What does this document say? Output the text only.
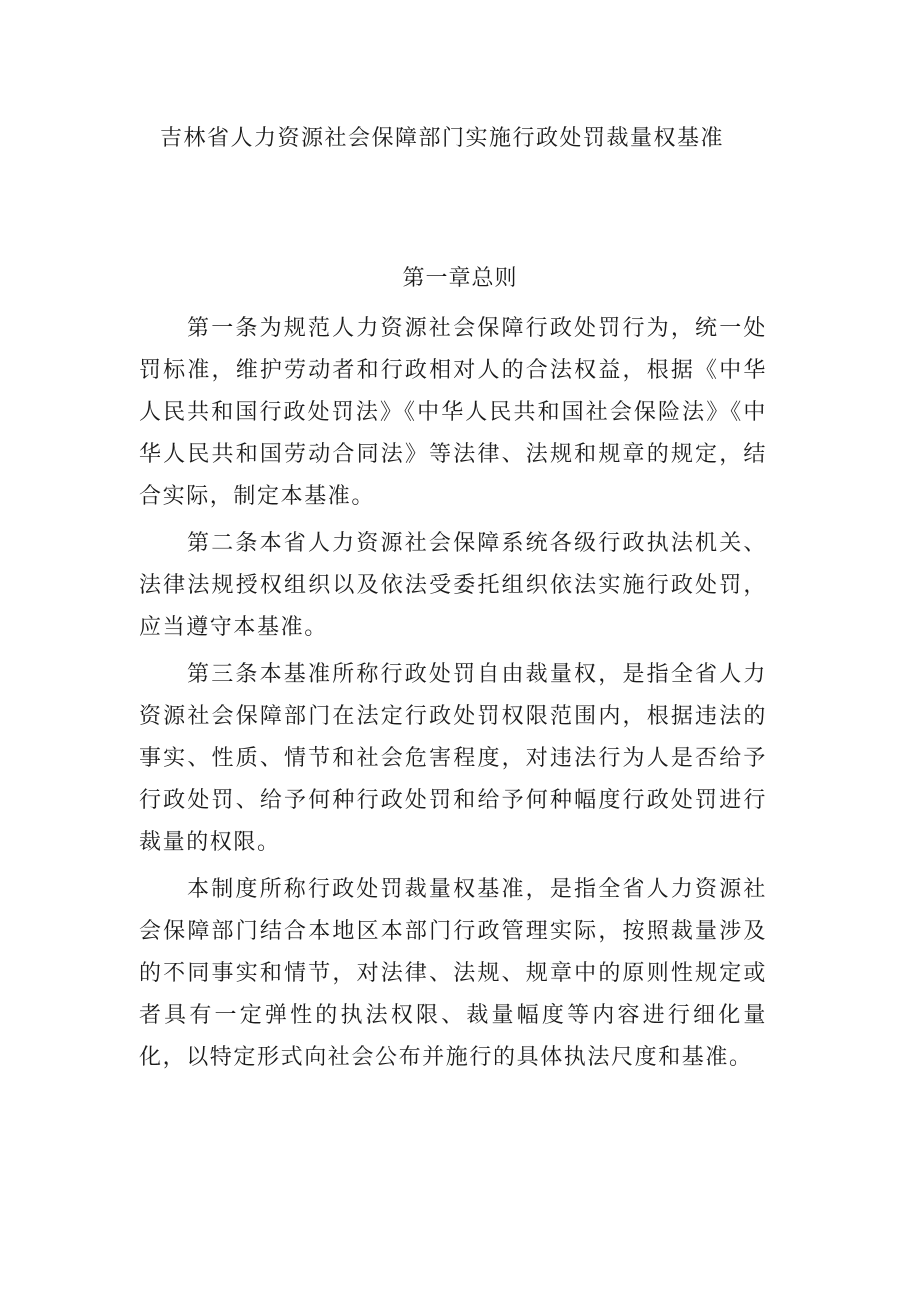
吉林省人力资源社会保障部门实施行政处罚裁量权基准
第一章总则

第一条为规范人力资源社会保障行政处罚行为，统一处罚标准，维护劳动者和行政相对人的合法权益，根据《中华人民共和国行政处罚法》《中华人民共和国社会保险法》《中华人民共和国劳动合同法》等法律、法规和规章的规定，结合实际，制定本基准。

第二条本省人力资源社会保障系统各级行政执法机关、法律法规授权组织以及依法受委托组织依法实施行政处罚，应当遵守本基准。

第三条本基准所称行政处罚自由裁量权，是指全省人力资源社会保障部门在法定行政处罚权限范围内，根据违法的事实、性质、情节和社会危害程度，对违法行为人是否给予行政处罚、给予何种行政处罚和给予何种幅度行政处罚进行裁量的权限。

本制度所称行政处罚裁量权基准，是指全省人力资源社会保障部门结合本地区本部门行政管理实际，按照裁量涉及的不同事实和情节，对法律、法规、规章中的原则性规定或者具有一定弹性的执法权限、裁量幅度等内容进行细化量化，以特定形式向社会公布并施行的具体执法尺度和基准。
